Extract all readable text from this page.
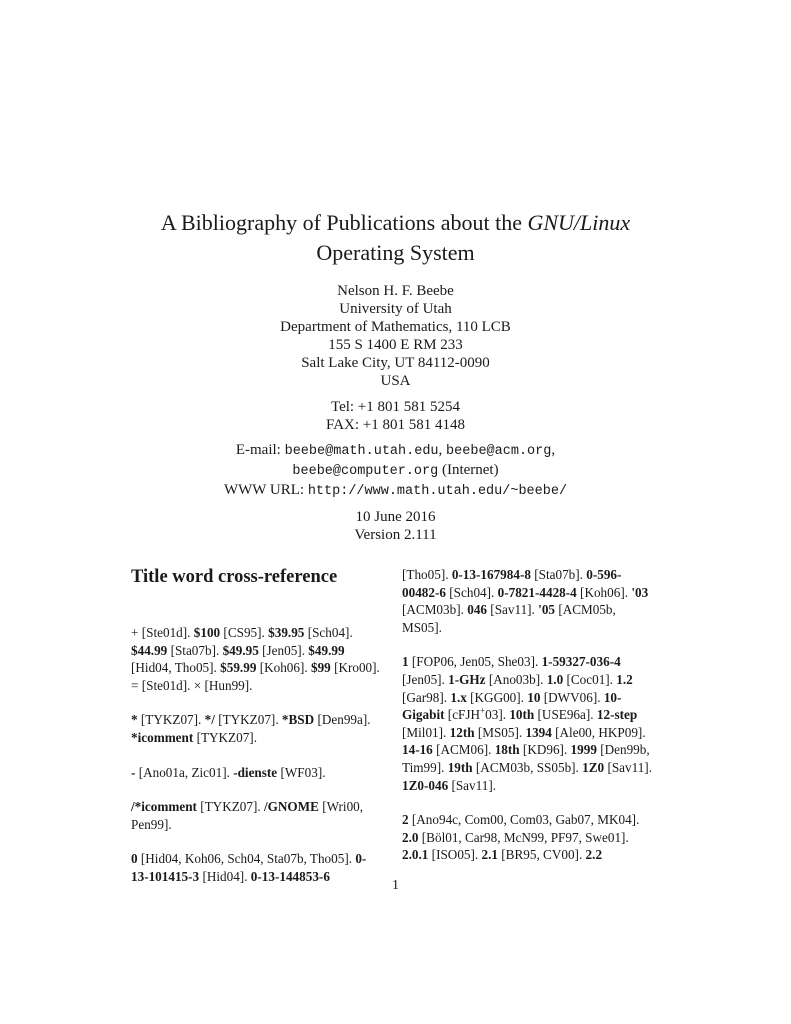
A Bibliography of Publications about the GNU/Linux
Operating System
Nelson H. F. Beebe
University of Utah
Department of Mathematics, 110 LCB
155 S 1400 E RM 233
Salt Lake City, UT 84112-0090
USA
Tel: +1 801 581 5254
FAX: +1 801 581 4148
E-mail: beebe@math.utah.edu, beebe@acm.org,
beebe@computer.org (Internet)
WWW URL: http://www.math.utah.edu/~beebe/
10 June 2016
Version 2.111
Title word cross-reference

+ [Ste01d]. $100 [CS95]. $39.95 [Sch04]. $44.99 [Sta07b]. $49.95 [Jen05]. $49.99 [Hid04, Tho05]. $59.99 [Koh06]. $99 [Kro00]. = [Ste01d]. × [Hun99].

* [TYKZ07]. */ [TYKZ07]. *BSD [Den99a]. *icomment [TYKZ07].

- [Ano01a, Zic01]. -dienste [WF03].

/*icomment [TYKZ07]. /GNOME [Wri00, Pen99].

0 [Hid04, Koh06, Sch04, Sta07b, Tho05]. 0-13-101415-3 [Hid04]. 0-13-144853-6

[Tho05]. 0-13-167984-8 [Sta07b]. 0-596-00482-6 [Sch04]. 0-7821-4428-4 [Koh06]. '03 [ACM03b]. 046 [Sav11]. '05 [ACM05b, MS05].

1 [FOP06, Jen05, She03]. 1-59327-036-4 [Jen05]. 1-GHz [Ano03b]. 1.0 [Coc01]. 1.2 [Gar98]. 1.x [KGG00]. 10 [DWV06]. 10-Gigabit [cFJH+03]. 10th [USE96a]. 12-step [Mil01]. 12th [MS05]. 1394 [Ale00, HKP09]. 14-16 [ACM06]. 18th [KD96]. 1999 [Den99b, Tim99]. 19th [ACM03b, SS05b]. 1Z0 [Sav11]. 1Z0-046 [Sav11].

2 [Ano94c, Com00, Com03, Gab07, MK04]. 2.0 [Böl01, Car98, McN99, PF97, Swe01]. 2.0.1 [ISO05]. 2.1 [BR95, CV00]. 2.2

1
